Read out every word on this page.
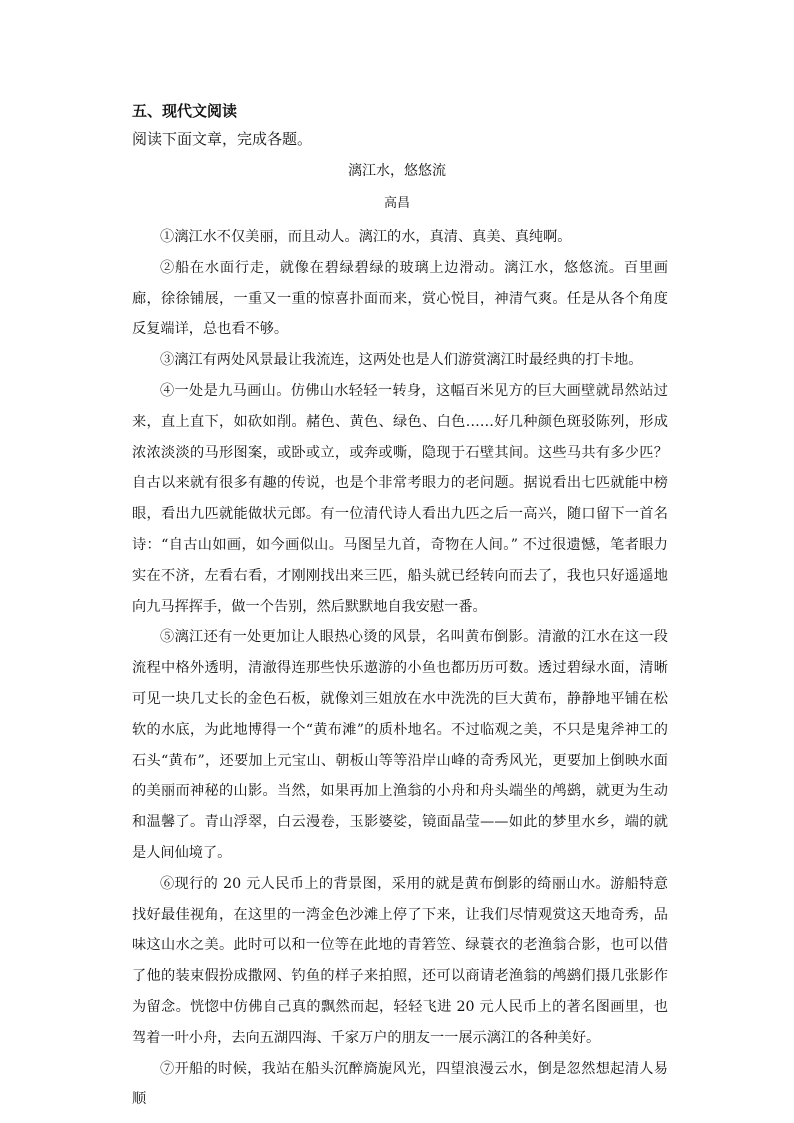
五、现代文阅读
阅读下面文章，完成各题。
漓江水，悠悠流
高昌

①漓江水不仅美丽，而且动人。漓江的水，真清、真美、真纯啊。

②船在水面行走，就像在碧绿碧绿的玻璃上边滑动。漓江水，悠悠流。百里画廊，徐徐铺展，一重又一重的惊喜扑面而来，赏心悦目，神清气爽。任是从各个角度反复端详，总也看不够。

③漓江有两处风景最让我流连，这两处也是人们游赏漓江时最经典的打卡地。

④一处是九马画山。仿佛山水轻轻一转身，这幅百米见方的巨大画壁就昂然站过来，直上直下，如砍如削。赭色、黄色、绿色、白色……好几种颜色斑驳陈列，形成浓浓淡淡的马形图案，或卧或立，或奔或嘶，隐现于石壁其间。这些马共有多少匹？自古以来就有很多有趣的传说，也是个非常考眼力的老问题。据说看出七匹就能中榜眼，看出九匹就能做状元郎。有一位清代诗人看出九匹之后一高兴，随口留下一首名诗：“自古山如画，如今画似山。马图呈九首，奇物在人间。” 不过很遗憾，笔者眼力实在不济，左看右看，才刚刚找出来三匹，船头就已经转向而去了，我也只好遥遥地向九马挥挥手，做一个告别，然后默默地自我安慰一番。

⑤漓江还有一处更加让人眼热心烫的风景，名叫黄布倒影。清澈的江水在这一段流程中格外透明，清澈得连那些快乐遨游的小鱼也都历历可数。透过碧绿水面，清晰可见一块几丈长的金色石板，就像刘三姐放在水中洗洗的巨大黄布，静静地平铺在松软的水底，为此地博得一个“黄布滩”的质朴地名。不过临观之美，不只是鬼斧神工的石头“黄布”，还要加上元宝山、朝板山等等沿岸山峰的奇秀风光，更要加上倒映水面的美丽而神秘的山影。当然，如果再加上渔翁的小舟和舟头端坐的鸬鹚，就更为生动和温馨了。青山浮翠，白云漫卷，玉影婆娑，镜面晶莹——如此的梦里水乡，端的就是人间仙境了。

⑥现行的 20 元人民币上的背景图，采用的就是黄布倒影的绮丽山水。游船特意找好最佳视角，在这里的一湾金色沙滩上停了下来，让我们尽情观赏这天地奇秀，品味这山水之美。此时可以和一位等在此地的青箬笠、绿蓑衣的老渔翁合影，也可以借了他的装束假扮成撒网、钓鱼的样子来拍照，还可以商请老渔翁的鸬鹚们摄几张影作为留念。恍惚中仿佛自己真的飘然而起，轻轻飞进 20 元人民币上的著名图画里，也驾着一叶小舟，去向五湖四海、千家万户的朋友一一展示漓江的各种美好。

⑦开船的时候，我站在船头沉醉旖旎风光，四望浪漫云水，倒是忽然想起清人易顺
